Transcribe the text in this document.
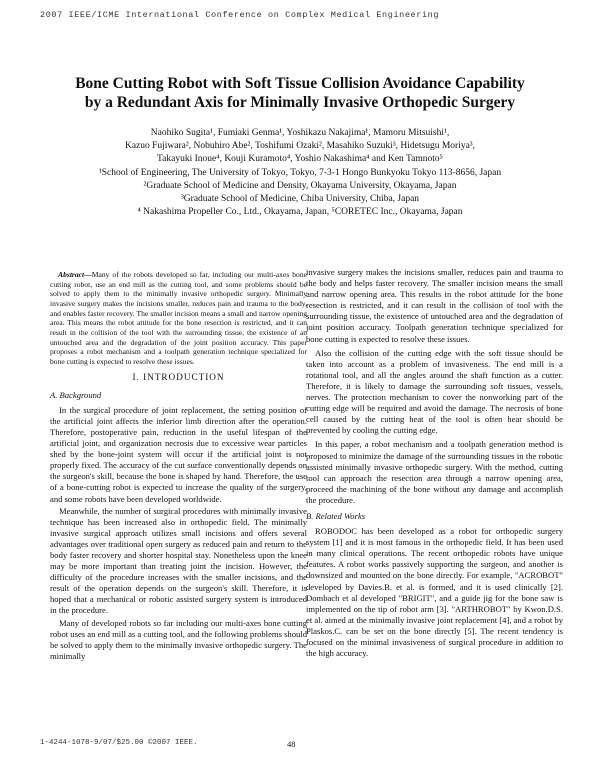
2007 IEEE/ICME International Conference on Complex Medical Engineering
Bone Cutting Robot with Soft Tissue Collision Avoidance Capability
by a Redundant Axis for Minimally Invasive Orthopedic Surgery
Naohiko Sugita¹, Fumiaki Genma¹, Yoshikazu Nakajima¹, Mamoru Mitsuishi¹,
Kazuo Fujiwara², Nobuhiro Abe², Toshifumi Ozaki², Masahiko Suzuki³, Hidetsugu Moriya³,
Takayuki Inoue⁴, Kouji Kuramoto⁴, Yoshio Nakashima⁴ and Ken Tamnoto⁵
¹School of Engineering, The University of Tokyo, Tokyo, 7-3-1 Hongo Bunkyoku Tokyo 113-8656, Japan
²Graduate School of Medicine and Density, Okayama University, Okayama, Japan
³Graduate School of Medicine, Chiba University, Chiba, Japan
⁴ Nakashima Propeller Co., Ltd., Okayama, Japan, ⁵CORETEC Inc., Okayama, Japan
Abstract—Many of the robots developed so far, including our multi-axes bone cutting robot, use an end mill as the cutting tool, and some problems should be solved to apply them to the minimally invasive orthopedic surgery. Minimally invasive surgery makes the incisions smaller, reduces pain and trauma to the body, and enables faster recovery. The smaller incision means a small and narrow opening area. This means the robot attitude for the bone resection is restricted, and it can result in the collision of the tool with the surrounding tissue, the existence of an untouched area and the degradation of the joint position accuracy. This paper proposes a robot mechanism and a toolpath generation technique specialized for bone cutting is expected to resolve these issues.
I. INTRODUCTION
A. Background

In the surgical procedure of joint replacement, the setting position of the artificial joint affects the inferior limb direction after the operation. Therefore, postoperative pain, reduction in the useful lifespan of the artificial joint, and organization necrosis due to excessive wear particles shed by the bone-joint system will occur if the artificial joint is not properly fixed. The accuracy of the cut surface conventionally depends on the surgeon's skill, because the bone is shaped by hand. Therefore, the use of a bone-cutting robot is expected to increase the quality of the surgery, and some robots have been developed worldwide.

Meanwhile, the number of surgical procedures with minimally invasive technique has been increased also in orthopedic field. The minimally invasive surgical approach utilizes small incisions and offers several advantages over traditional open surgery as reduced pain and return to the body faster recovery and shorter hospital stay. Nonetheless upon the knee may be more important than treating joint the incision. However, the difficulty of the procedure increases with the smaller incisions, and the result of the operation depends on the surgeon's skill. Therefore, it is hoped that a mechanical or robotic assisted surgery system is introduced in the procedure.

Many of developed robots so far including our multi-axes bone cutting robot uses an end mill as a cutting tool, and the following problems should be solved to apply them to the minimally invasive orthopedic surgery. The minimally

invasive surgery makes the incisions smaller, reduces pain and trauma to the body and helps faster recovery. The smaller incision means the small and narrow opening area. This results in the robot attitude for the bone resection is restricted, and it can result in the collision of tool with the surrounding tissue, the existence of untouched area and the degradation of joint position accuracy. Toolpath generation technique specialized for bone cutting is expected to resolve these issues.

Also the collision of the cutting edge with the soft tissue should be taken into account as a problem of invasiveness. The end mill is a rotational tool, and all the angles around the shaft function as a cutter. Therefore, it is likely to damage the surrounding soft tissues, vessels, nerves. The protection mechanism to cover the nonworking part of the cutting edge will be required and avoid the damage. The necrosis of bone cell caused by the cutting heat of the tool is often hear should be prevented by cooling the cutting edge.

In this paper, a robot mechanism and a toolpath generation method is proposed to minimize the damage of the surrounding tissues in the robotic assisted minimally invasive orthopedic surgery. With the method, cutting tool can approach the resection area through a narrow opening area, proceed the machining of the bone without any damage and accomplish the procedure.

B. Related Works

ROBODOC has been developed as a robot for orthopedic surgery system [1] and it is most famous in the orthopedic field. It has been used in many clinical operations. The recent orthopedic robots have unique features. A robot works passively supporting the surgeon, and another is downsized and mounted on the bone directly. For example, "ACROBOT" developed by Davies.B. et al. is formed, and it is used clinically [2]. Dombach et al developed "BRIGIT", and a guide jig for the bone saw is implemented on the tip of robot arm [3]. "ARTHROBOT" by Kwon.D.S. et al. aimed at the minimally invasive joint replacement [4], and a robot by Plaskos.C. can be set on the bone directly [5]. The recent tendency is focused on the minimal invasiveness of surgical procedure in addition to the high accuracy.

1-4244-1078-9/07/$25.00 ©2007 IEEE.	48
